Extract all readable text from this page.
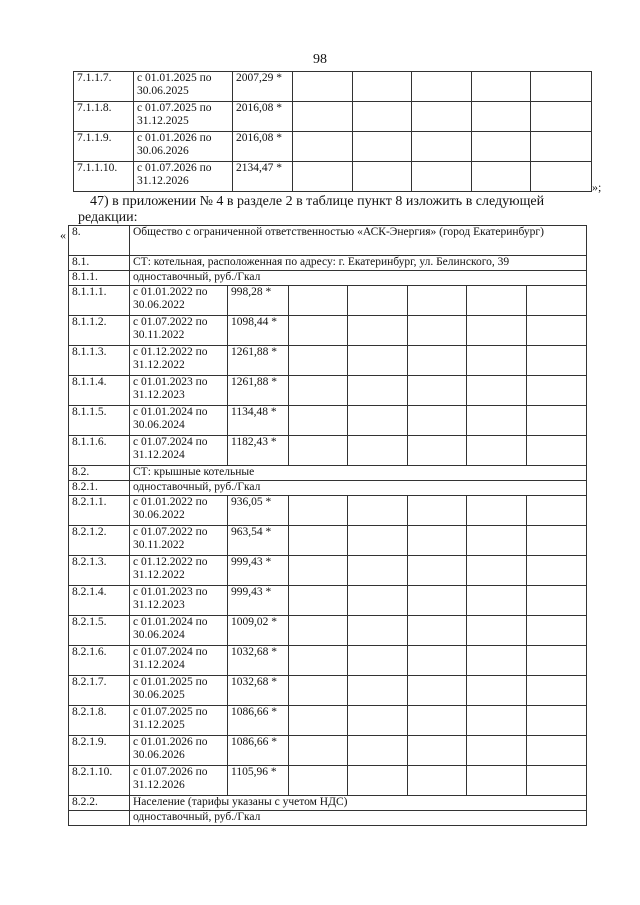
98
7.1.1.7.	с 01.01.2025 по 30.06.2025	2007,29 *					
7.1.1.8.	с 01.07.2025 по 31.12.2025	2016,08 *					
7.1.1.9.	с 01.01.2026 по 30.06.2026	2016,08 *					
7.1.1.10.	с 01.07.2026 по 31.12.2026	2134,47 *					
»;
47) в приложении № 4 в разделе 2 в таблице пункт 8 изложить в следующей
редакции:
« 8.	Общество с ограниченной ответственностью «АСК-Энергия» (город Екатеринбург)						
8.1.	СТ: котельная, расположенная по адресу: г. Екатеринбург, ул. Белинского, 39						
8.1.1.	одноставочный, руб./Гкал						
8.1.1.1.	с 01.01.2022 по 30.06.2022	998,28 *					
8.1.1.2.	с 01.07.2022 по 30.11.2022	1098,44 *					
8.1.1.3.	с 01.12.2022 по 31.12.2022	1261,88 *					
8.1.1.4.	с 01.01.2023 по 31.12.2023	1261,88 *					
8.1.1.5.	с 01.01.2024 по 30.06.2024	1134,48 *					
8.1.1.6.	с 01.07.2024 по 31.12.2024	1182,43 *					
8.2.	СТ: крышные котельные						
8.2.1.	одноставочный, руб./Гкал						
8.2.1.1.	с 01.01.2022 по 30.06.2022	936,05 *					
8.2.1.2.	с 01.07.2022 по 30.11.2022	963,54 *					
8.2.1.3.	с 01.12.2022 по 31.12.2022	999,43 *					
8.2.1.4.	с 01.01.2023 по 31.12.2023	999,43 *					
8.2.1.5.	с 01.01.2024 по 30.06.2024	1009,02 *					
8.2.1.6.	с 01.07.2024 по 31.12.2024	1032,68 *					
8.2.1.7.	с 01.01.2025 по 30.06.2025	1032,68 *					
8.2.1.8.	с 01.07.2025 по 31.12.2025	1086,66 *					
8.2.1.9.	с 01.01.2026 по 30.06.2026	1086,66 *					
8.2.1.10.	с 01.07.2026 по 31.12.2026	1105,96 *					
8.2.2.	Население (тарифы указаны с учетом НДС)						
	одноставочный, руб./Гкал						
